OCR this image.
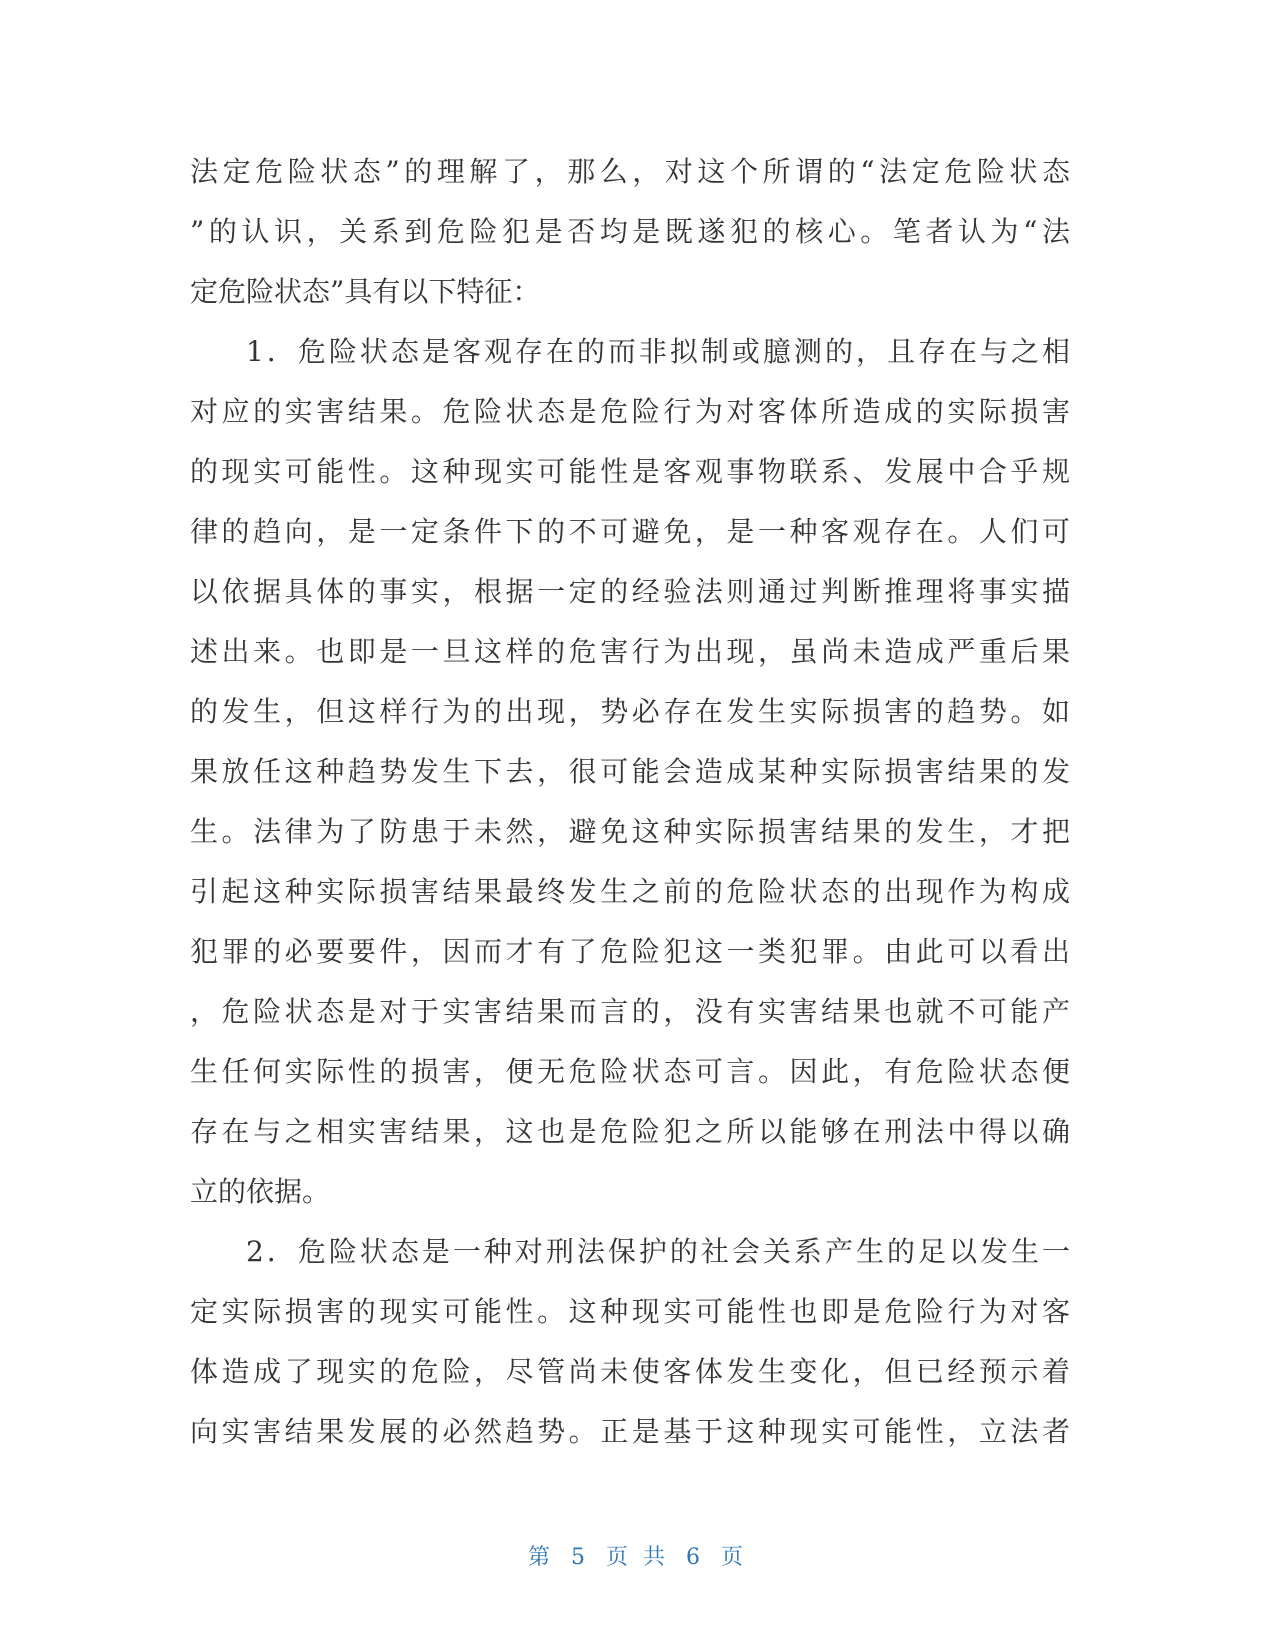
法定危险状态”的理解了，那么，对这个所谓的“法定危险状态
”的认识，关系到危险犯是否均是既遂犯的核心。笔者认为“法
定危险状态”具有以下特征：
1．危险状态是客观存在的而非拟制或臆测的，且存在与之相
对应的实害结果。危险状态是危险行为对客体所造成的实际损害
的现实可能性。这种现实可能性是客观事物联系、发展中合乎规
律的趋向，是一定条件下的不可避免，是一种客观存在。人们可
以依据具体的事实，根据一定的经验法则通过判断推理将事实描
述出来。也即是一旦这样的危害行为出现，虽尚未造成严重后果
的发生，但这样行为的出现，势必存在发生实际损害的趋势。如
果放任这种趋势发生下去，很可能会造成某种实际损害结果的发
生。法律为了防患于未然，避免这种实际损害结果的发生，才把
引起这种实际损害结果最终发生之前的危险状态的出现作为构成
犯罪的必要要件，因而才有了危险犯这一类犯罪。由此可以看出
，危险状态是对于实害结果而言的，没有实害结果也就不可能产
生任何实际性的损害，便无危险状态可言。因此，有危险状态便
存在与之相实害结果，这也是危险犯之所以能够在刑法中得以确
立的依据。
2．危险状态是一种对刑法保护的社会关系产生的足以发生一
定实际损害的现实可能性。这种现实可能性也即是危险行为对客
体造成了现实的危险，尽管尚未使客体发生变化，但已经预示着
向实害结果发展的必然趋势。正是基于这种现实可能性，立法者
第 5 页 共 6 页
